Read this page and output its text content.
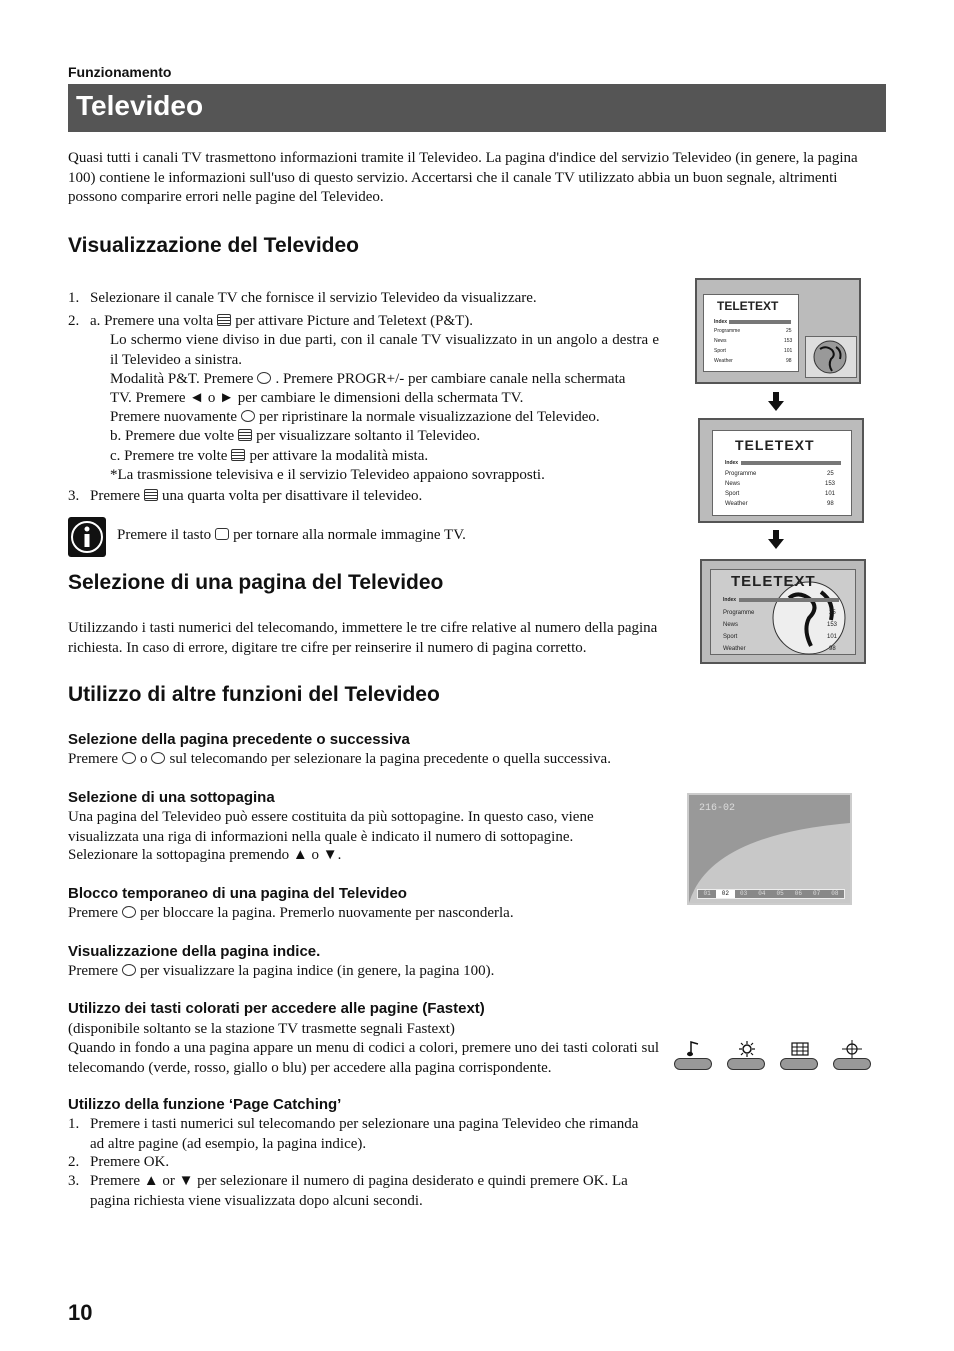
Funzionamento
Televideo
Quasi tutti i canali TV trasmettono informazioni tramite il Televideo. La pagina d'indice del servizio Televideo (in genere, la pagina 100) contiene le informazioni sull'uso di questo servizio. Accertarsi che il canale TV utilizzato abbia un buon segnale, altrimenti possono comparire errori nelle pagine del Televideo.
Visualizzazione del Televideo
1. Selezionare il canale TV che fornisce il servizio Televideo da visualizzare.
2. a. Premere una volta per attivare Picture and Teletext (P&T).
Lo schermo viene diviso in due parti, con il canale TV visualizzato in un angolo a destra e il Televideo a sinistra.
Modalità P&T. Premere . Premere PROGR+/- per cambiare canale nella schermata
TV. Premere ◄ o ► per cambiare le dimensioni della schermata TV.
Premere nuovamente per ripristinare la normale visualizzazione del Televideo.
b. Premere due volte per visualizzare soltanto il Televideo.
c. Premere tre volte per attivare la modalità mista.
*La trasmissione televisiva e il servizio Televideo appaiono sovrapposti.
3. Premere una quarta volta per disattivare il televideo.
Premere il tasto per tornare alla normale immagine TV.
Selezione di una pagina del Televideo
Utilizzando i tasti numerici del telecomando, immettere le tre cifre relative al numero della pagina richiesta. In caso di errore, digitare tre cifre per reinserire il numero di pagina corretto.
Utilizzo di altre funzioni del Televideo
Selezione della pagina precedente o successiva
Premere o sul telecomando per selezionare la pagina precedente o quella successiva.
Selezione di una sottopagina
Una pagina del Televideo può essere costituita da più sottopagine. In questo caso, viene visualizzata una riga di informazioni nella quale è indicato il numero di sottopagine.
Selezionare la sottopagina premendo ▲ o ▼.
Blocco temporaneo di una pagina del Televideo
Premere per bloccare la pagina. Premerlo nuovamente per nasconderla.
Visualizzazione della pagina indice.
Premere per visualizzare la pagina indice (in genere, la pagina 100).
Utilizzo dei tasti colorati per accedere alle pagine (Fastext)
(disponibile soltanto se la stazione TV trasmette segnali Fastext)
Quando in fondo a una pagina appare un menu di codici a colori, premere uno dei tasti colorati sul telecomando (verde, rosso, giallo o blu) per accedere alla pagina corrispondente.
Utilizzo della funzione ‘Page Catching’
1. Premere i tasti numerici sul telecomando per selezionare una pagina Televideo che rimanda ad altre pagine (ad esempio, la pagina indice).
2. Premere OK.
3. Premere ▲ or ▼ per selezionare il numero di pagina desiderato e quindi premere OK. La pagina richiesta viene visualizzata dopo alcuni secondi.
10
TELETEXT
Index
Programme	25
News	153
Sport	101
Weather	98
TELETEXT
Index
Programme	25
News	153
Sport	101
Weather	98
TELETEXT
Index
Programme	25
News	153
Sport	101
Weather	98
216-02
01	02	03	04	05	06	07	08
